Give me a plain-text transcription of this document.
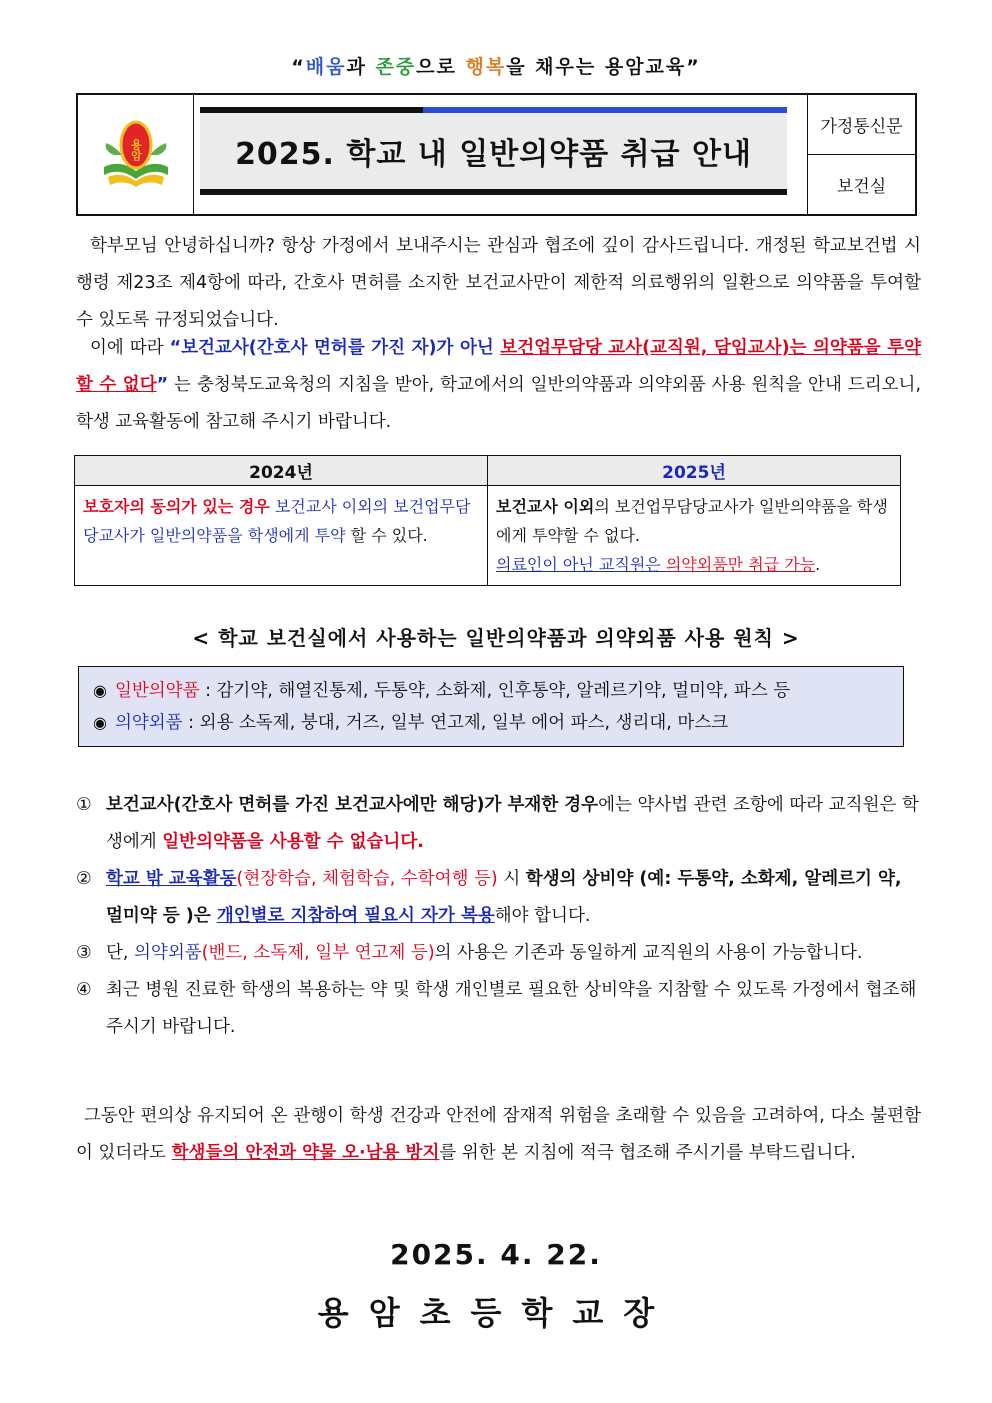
“배움과 존중으로 행복을 채우는 용암교육”
용암	2025. 학교 내 일반의약품 취급 안내
가정통신문
보건실
학부모님 안녕하십니까? 항상 가정에서 보내주시는 관심과 협조에 깊이 감사드립니다. 개정된 학교보건법 시행령 제23조 제4항에 따라, 간호사 면허를 소지한 보건교사만이 제한적 의료행위의 일환으로 의약품을 투여할 수 있도록 규정되었습니다.
이에 따라 “보건교사(간호사 면허를 가진 자)가 아닌 보건업무담당 교사(교직원, 담임교사)는 의약품을 투약할 수 없다” 는 충청북도교육청의 지침을 받아, 학교에서의 일반의약품과 의약외품 사용 원칙을 안내 드리오니, 학생 교육활동에 참고해 주시기 바랍니다.
2024년	2025년
보호자의 동의가 있는 경우 보건교사 이외의 보건업무담당교사가 일반의약품을 학생에게 투약 할 수 있다.	보건교사 이외의 보건업무담당교사가 일반의약품을 학생에게 투약할 수 없다.
의료인이 아닌 교직원은 의약외품만 취급 가능.
< 학교 보건실에서 사용하는 일반의약품과 의약외품 사용 원칙 >
◉ 일반의약품 : 감기약, 해열진통제, 두통약, 소화제, 인후통약, 알레르기약, 멀미약, 파스 등
◉ 의약외품 : 외용 소독제, 붕대, 거즈, 일부 연고제, 일부 에어 파스, 생리대, 마스크
① 보건교사(간호사 면허를 가진 보건교사에만 해당)가 부재한 경우에는 약사법 관련 조항에 따라 교직원은 학생에게 일반의약품을 사용할 수 없습니다.
② 학교 밖 교육활동(현장학습, 체험학습, 수학여행 등) 시 학생의 상비약 (예: 두통약, 소화제, 알레르기 약, 멀미약 등 )은 개인별로 지참하여 필요시 자가 복용해야 합니다.
③ 단, 의약외품(밴드, 소독제, 일부 연고제 등)의 사용은 기존과 동일하게 교직원의 사용이 가능합니다.
④ 최근 병원 진료한 학생의 복용하는 약 및 학생 개인별로 필요한 상비약을 지참할 수 있도록 가정에서 협조해 주시기 바랍니다.
그동안 편의상 유지되어 온 관행이 학생 건강과 안전에 잠재적 위험을 초래할 수 있음을 고려하여, 다소 불편함이 있더라도 학생들의 안전과 약물 오·남용 방지를 위한 본 지침에 적극 협조해 주시기를 부탁드립니다.
2025. 4. 22.
용암초등학교장
